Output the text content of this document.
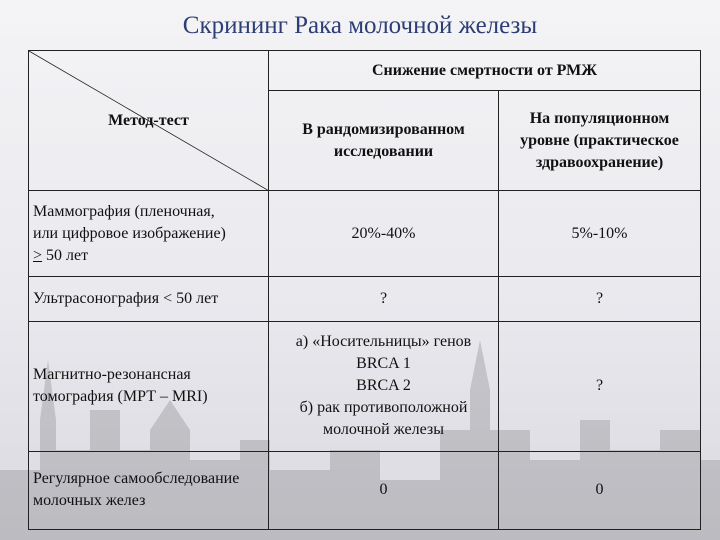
Скрининг Рака молочной железы
Метод-тест	Снижение смертности от РМЖ	
	В рандомизированном исследовании	На популяционном уровне (практическое здравоохранение)
Маммография (пленочная,
или цифровое изображение)
≥ 50 лет	20%-40%	5%-10%
Ультрасонография < 50 лет	?	?
Магнитно-резонансная томография (МРТ – MRI)	а) «Носительницы» генов
BRCA 1
BRCA 2
б) рак противоположной
молочной железы	?
Регулярное самообследование молочных желез	0	0
